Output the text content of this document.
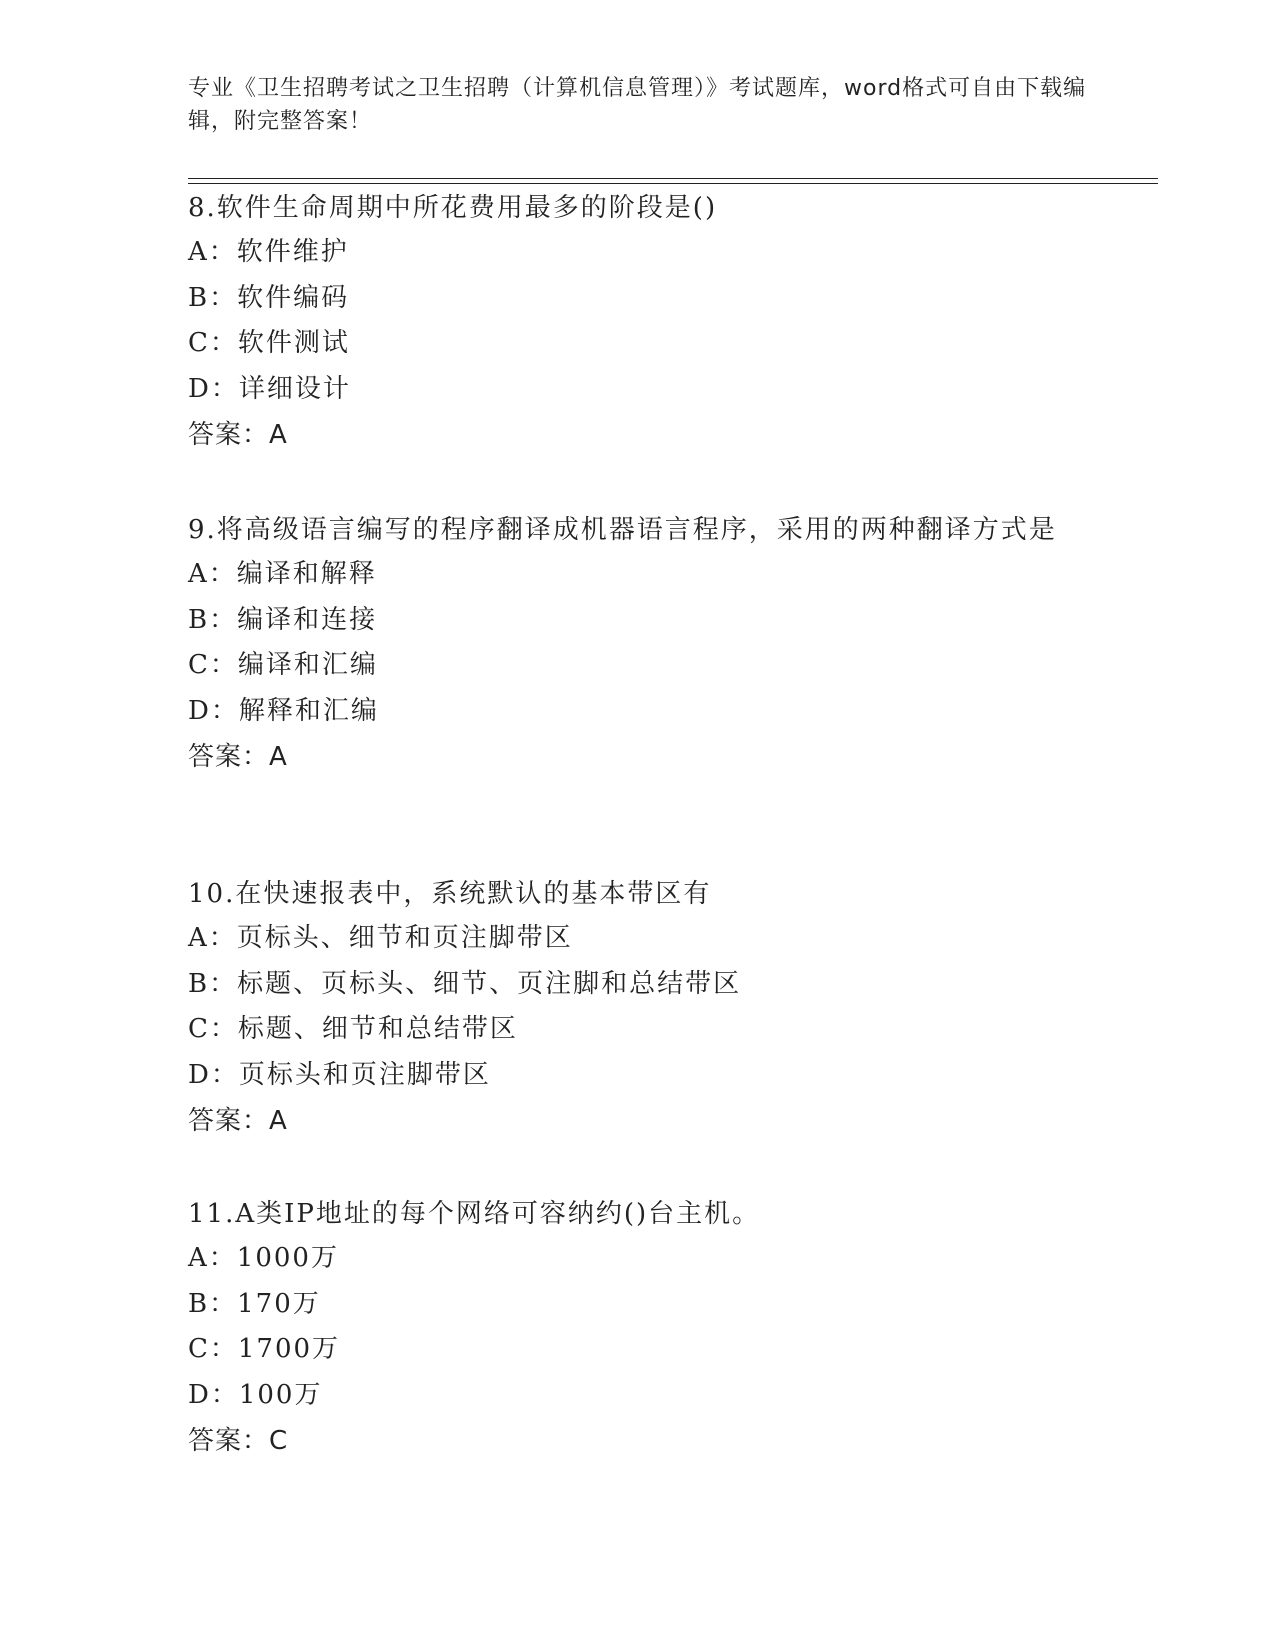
专业《卫生招聘考试之卫生招聘（计算机信息管理）》考试题库，word格式可自由下载编辑，附完整答案！

8.软件生命周期中所花费用最多的阶段是()

A：软件维护

B：软件编码

C：软件测试

D：详细设计

答案：A

9.将高级语言编写的程序翻译成机器语言程序，采用的两种翻译方式是

A：编译和解释

B：编译和连接

C：编译和汇编

D：解释和汇编

答案：A

10.在快速报表中，系统默认的基本带区有

A：页标头、细节和页注脚带区

B：标题、页标头、细节、页注脚和总结带区

C：标题、细节和总结带区

D：页标头和页注脚带区

答案：A

11.A类IP地址的每个网络可容纳约()台主机。

A：1000万

B：170万

C：1700万

D：100万

答案：C
